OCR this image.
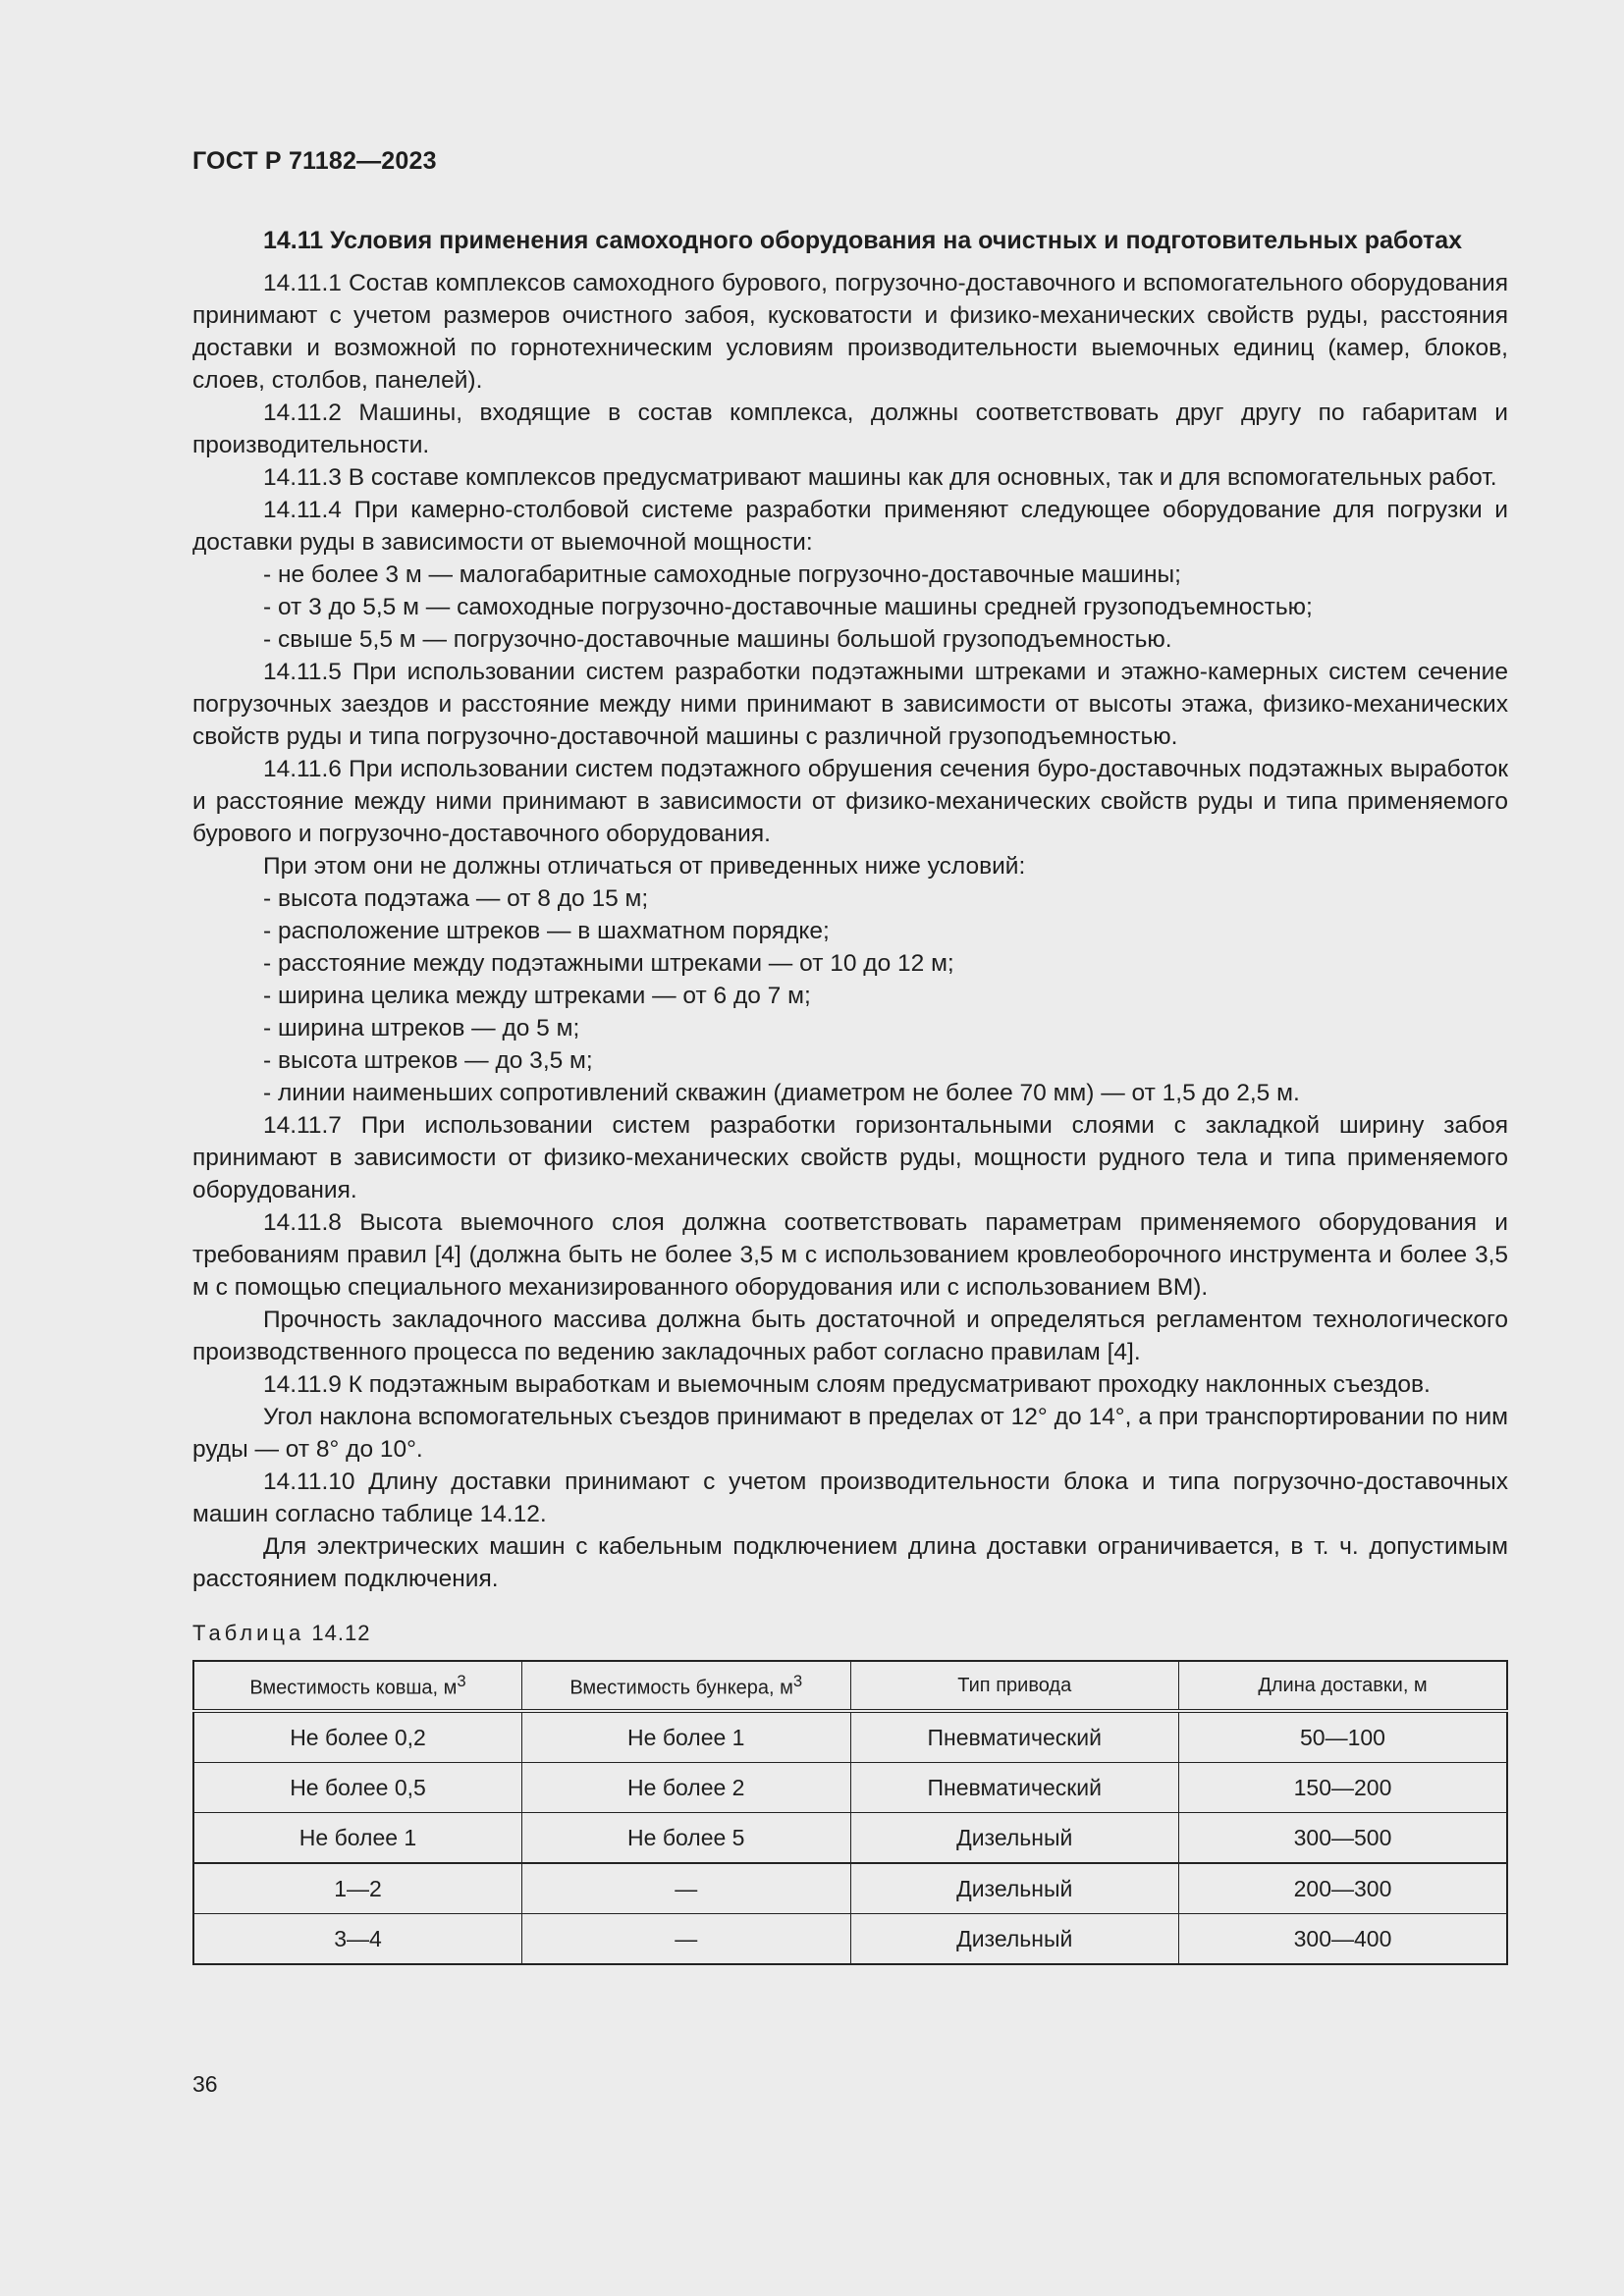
ГОСТ Р 71182—2023
14.11 Условия применения самоходного оборудования на очистных и подготовительных работах
14.11.1 Состав комплексов самоходного бурового, погрузочно-доставочного и вспомогательного оборудования принимают с учетом размеров очистного забоя, кусковатости и физико-механических свойств руды, расстояния доставки и возможной по горнотехническим условиям производительности выемочных единиц (камер, блоков, слоев, столбов, панелей).
14.11.2 Машины, входящие в состав комплекса, должны соответствовать друг другу по габаритам и производительности.
14.11.3 В составе комплексов предусматривают машины как для основных, так и для вспомогательных работ.
14.11.4 При камерно-столбовой системе разработки применяют следующее оборудование для погрузки и доставки руды в зависимости от выемочной мощности:
- не более 3 м — малогабаритные самоходные погрузочно-доставочные машины;
- от 3 до 5,5 м — самоходные погрузочно-доставочные машины средней грузоподъемностью;
- свыше 5,5 м — погрузочно-доставочные машины большой грузоподъемностью.
14.11.5 При использовании систем разработки подэтажными штреками и этажно-камерных систем сечение погрузочных заездов и расстояние между ними принимают в зависимости от высоты этажа, физико-механических свойств руды и типа погрузочно-доставочной машины с различной грузоподъемностью.
14.11.6 При использовании систем подэтажного обрушения сечения буро-доставочных подэтажных выработок и расстояние между ними принимают в зависимости от физико-механических свойств руды и типа применяемого бурового и погрузочно-доставочного оборудования.
При этом они не должны отличаться от приведенных ниже условий:
- высота подэтажа — от 8 до 15 м;
- расположение штреков — в шахматном порядке;
- расстояние между подэтажными штреками — от 10 до 12 м;
- ширина целика между штреками — от 6 до 7 м;
- ширина штреков — до 5 м;
- высота штреков — до 3,5 м;
- линии наименьших сопротивлений скважин (диаметром не более 70 мм) — от 1,5 до 2,5 м.
14.11.7 При использовании систем разработки горизонтальными слоями с закладкой ширину забоя принимают в зависимости от физико-механических свойств руды, мощности рудного тела и типа применяемого оборудования.
14.11.8 Высота выемочного слоя должна соответствовать параметрам применяемого оборудования и требованиям правил [4] (должна быть не более 3,5 м с использованием кровлеоборочного инструмента и более 3,5 м с помощью специального механизированного оборудования или с использованием ВМ).
Прочность закладочного массива должна быть достаточной и определяться регламентом технологического производственного процесса по ведению закладочных работ согласно правилам [4].
14.11.9 К подэтажным выработкам и выемочным слоям предусматривают проходку наклонных съездов.
Угол наклона вспомогательных съездов принимают в пределах от 12° до 14°, а при транспортировании по ним руды — от 8° до 10°.
14.11.10 Длину доставки принимают с учетом производительности блока и типа погрузочно-доставочных машин согласно таблице 14.12.
Для электрических машин с кабельным подключением длина доставки ограничивается, в т. ч. допустимым расстоянием подключения.
Таблица 14.12
Вместимость ковша, $м^3$	Вместимость бункера, $м^3$	Тип привода	Длина доставки, м
Не более 0,2	Не более 1	Пневматический	50—100
Не более 0,5	Не более 2	Пневматический	150—200
Не более 1	Не более 5	Дизельный	300—500
1—2	—	Дизельный	200—300
3—4	—	Дизельный	300—400
36
